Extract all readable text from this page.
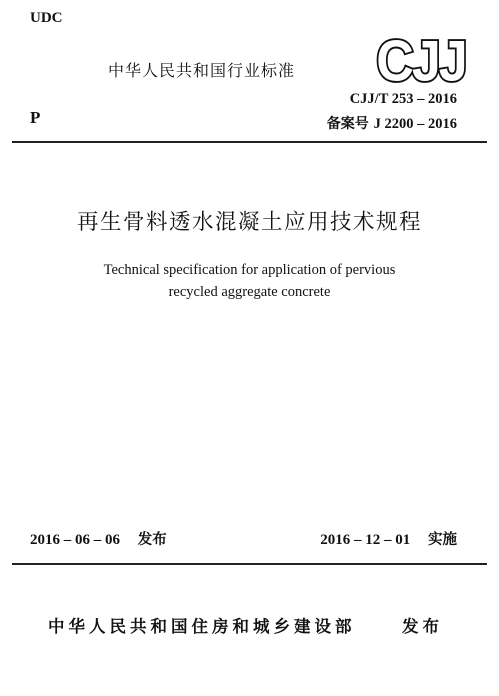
UDC
P
中华人民共和国行业标准 CJJ
CJJ/T 253 – 2016
备案号 J 2200 – 2016
再生骨料透水混凝土应用技术规程
Technical specification for application of pervious
recycled aggregate concrete
2016 – 06 – 06 发布	2016 – 12 – 01 实施
中华人民共和国住房和城乡建设部	发布
